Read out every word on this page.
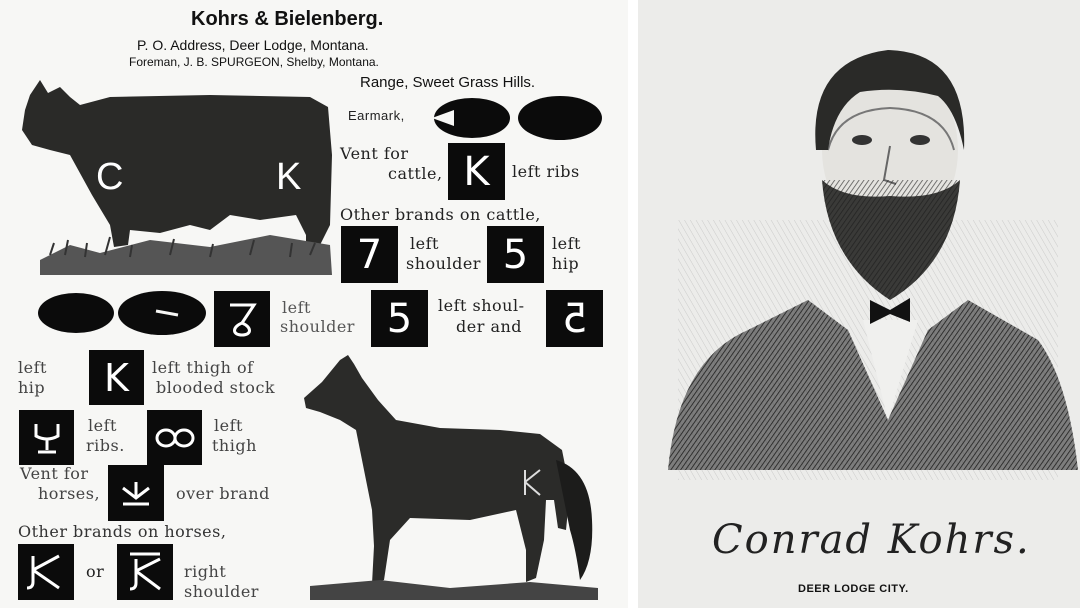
Kohrs & Bielenberg.
P. O. Address, Deer Lodge, Montana.
Foreman, J. B. SPURGEON, Shelby, Montana.
Range, Sweet Grass Hills.
C	K
Earmark,
Vent for
cattle, K left ribs
Other brands on cattle,
7 left
shoulder 5 left
hip
left
shoulder 5 left shoul-
der and 5
left
hip K left thigh of
blooded stock
left
ribs.
left
thigh
Vent for
horses,	over brand
Other brands on horses,
or	right
shoulder
Conrad Kohrs.
DEER LODGE CITY.
